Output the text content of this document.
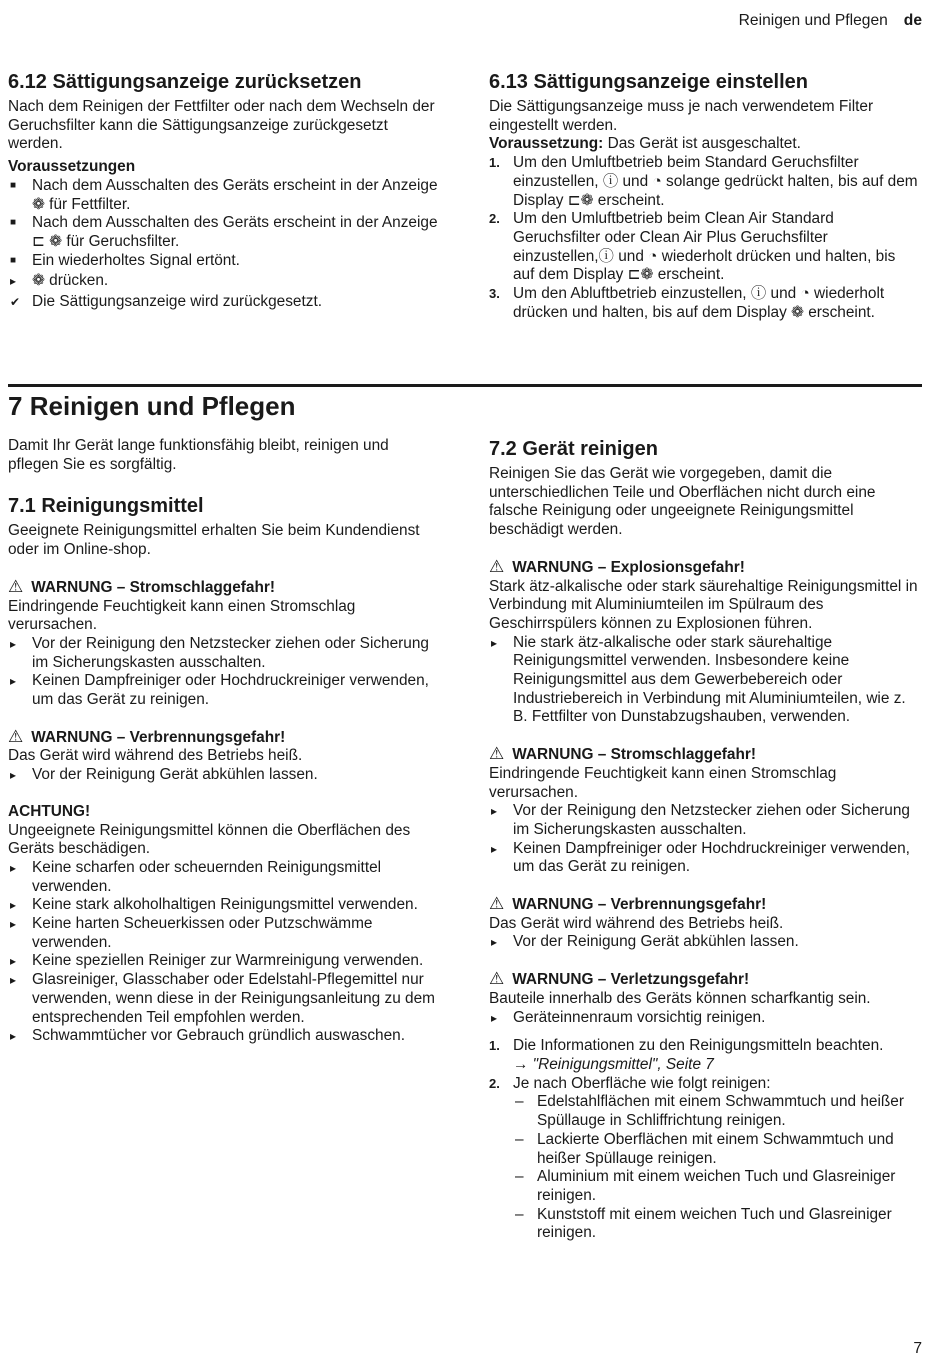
Reinigen und Pflegen de
6.12 Sättigungsanzeige zurücksetzen

Nach dem Reinigen der Fettfilter oder nach dem Wechseln der Geruchsfilter kann die Sättigungsanzeige zurückgesetzt werden.

Voraussetzungen

■ Nach dem Ausschalten des Geräts erscheint in der Anzeige ❁ für Fettfilter.
■ Nach dem Ausschalten des Geräts erscheint in der Anzeige ⊏ ❁ für Geruchsfilter.
■ Ein wiederholtes Signal ertönt.
▸ ❁ drücken.

✔ Die Sättigungsanzeige wird zurückgesetzt.

6.13 Sättigungsanzeige einstellen

Die Sättigungsanzeige muss je nach verwendetem Filter eingestellt werden.

Voraussetzung: Das Gerät ist ausgeschaltet.

1. Um den Umluftbetrieb beim Standard Geruchsfilter einzustellen, ⓘ und ◔ solange gedrückt halten, bis auf dem Display ⊏❁ erscheint.
2. Um den Umluftbetrieb beim Clean Air Standard Geruchsfilter oder Clean Air Plus Geruchsfilter einzustellen,ⓘ und ◔ wiederholt drücken und halten, bis auf dem Display ⊏❁ erscheint.
3. Um den Abluftbetrieb einzustellen, ⓘ und ◔ wiederholt drücken und halten, bis auf dem Display ❁ erscheint.
7 Reinigen und Pflegen

Damit Ihr Gerät lange funktionsfähig bleibt, reinigen und pflegen Sie es sorgfältig.

7.1 Reinigungsmittel

Geeignete Reinigungsmittel erhalten Sie beim Kundendienst oder im Online-shop.

⚠ WARNUNG – Stromschlaggefahr!

Eindringende Feuchtigkeit kann einen Stromschlag verursachen.

▸ Vor der Reinigung den Netzstecker ziehen oder Sicherung im Sicherungskasten ausschalten.
▸ Keinen Dampfreiniger oder Hochdruckreiniger verwenden, um das Gerät zu reinigen.
⚠ WARNUNG – Verbrennungsgefahr!

Das Gerät wird während des Betriebs heiß.

▸ Vor der Reinigung Gerät abkühlen lassen.

ACHTUNG!

Ungeeignete Reinigungsmittel können die Oberflächen des Geräts beschädigen.

▸ Keine scharfen oder scheuernden Reinigungsmittel verwenden.
▸ Keine stark alkoholhaltigen Reinigungsmittel verwenden.
▸ Keine harten Scheuerkissen oder Putzschwämme verwenden.
▸ Keine speziellen Reiniger zur Warmreinigung verwenden.
▸ Glasreiniger, Glasschaber oder Edelstahl-Pflegemittel nur verwenden, wenn diese in der Reinigungsanleitung zu dem entsprechenden Teil empfohlen werden.
▸ Schwammtücher vor Gebrauch gründlich auswaschen.
7.2 Gerät reinigen

Reinigen Sie das Gerät wie vorgegeben, damit die unterschiedlichen Teile und Oberflächen nicht durch eine falsche Reinigung oder ungeeignete Reinigungsmittel beschädigt werden.

⚠ WARNUNG – Explosionsgefahr!

Stark ätz-alkalische oder stark säurehaltige Reinigungsmittel in Verbindung mit Aluminiumteilen im Spülraum des Geschirrspülers können zu Explosionen führen.

▸ Nie stark ätz-alkalische oder stark säurehaltige Reinigungsmittel verwenden. Insbesondere keine Reinigungsmittel aus dem Gewerbebereich oder Industriebereich in Verbindung mit Aluminiumteilen, wie z. B. Fettfilter von Dunstabzugshauben, verwenden.
⚠ WARNUNG – Stromschlaggefahr!

Eindringende Feuchtigkeit kann einen Stromschlag verursachen.

▸ Vor der Reinigung den Netzstecker ziehen oder Sicherung im Sicherungskasten ausschalten.
▸ Keinen Dampfreiniger oder Hochdruckreiniger verwenden, um das Gerät zu reinigen.
⚠ WARNUNG – Verbrennungsgefahr!

Das Gerät wird während des Betriebs heiß.

▸ Vor der Reinigung Gerät abkühlen lassen.
⚠ WARNUNG – Verletzungsgefahr!

Bauteile innerhalb des Geräts können scharfkantig sein.

▸ Geräteinnenraum vorsichtig reinigen.
1. Die Informationen zu den Reinigungsmitteln beachten.
→ "Reinigungsmittel", Seite 7
2. Je nach Oberfläche wie folgt reinigen:
– Edelstahlflächen mit einem Schwammtuch und heißer Spüllauge in Schliffrichtung reinigen.
– Lackierte Oberflächen mit einem Schwammtuch und heißer Spüllauge reinigen.
– Aluminium mit einem weichen Tuch und Glasreiniger reinigen.
– Kunststoff mit einem weichen Tuch und Glasreiniger reinigen.
7
